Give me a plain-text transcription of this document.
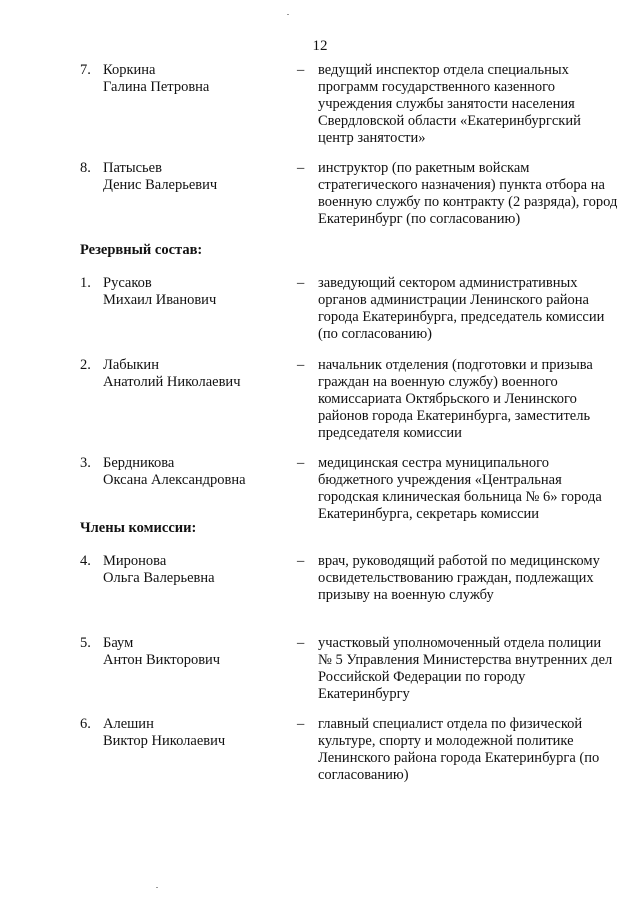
12
7. Коркина
Галина Петровна
– ведущий инспектор отдела специальных программ государственного казенного учреждения службы занятости населения Свердловской области «Екатеринбургский центр занятости»
8. Патысьев
Денис Валерьевич
– инструктор (по ракетным войскам стратегического назначения) пункта отбора на военную службу по контракту (2 разряда), город Екатеринбург (по согласованию)
Резервный состав:
1. Русаков
Михаил Иванович
– заведующий сектором административных органов администрации Ленинского района города Екатеринбурга, председатель комиссии (по согласованию)
2. Лабыкин
Анатолий Николаевич
– начальник отделения (подготовки и призыва граждан на военную службу) военного комиссариата Октябрьского и Ленинского районов города Екатеринбурга, заместитель председателя комиссии
3. Бердникова
Оксана Александровна
– медицинская сестра муниципального бюджетного учреждения «Центральная городская клиническая больница № 6» города Екатеринбурга, секретарь комиссии
Члены комиссии:
4. Миронова
Ольга Валерьевна
– врач, руководящий работой по медицинскому освидетельствованию граждан, подлежащих призыву на военную службу
5. Баум
Антон Викторович
– участковый уполномоченный отдела полиции № 5 Управления Министерства внутренних дел Российской Федерации по городу Екатеринбургу
6. Алешин
Виктор Николаевич
– главный специалист отдела по физической культуре, спорту и молодежной политике Ленинского района города Екатеринбурга (по согласованию)
